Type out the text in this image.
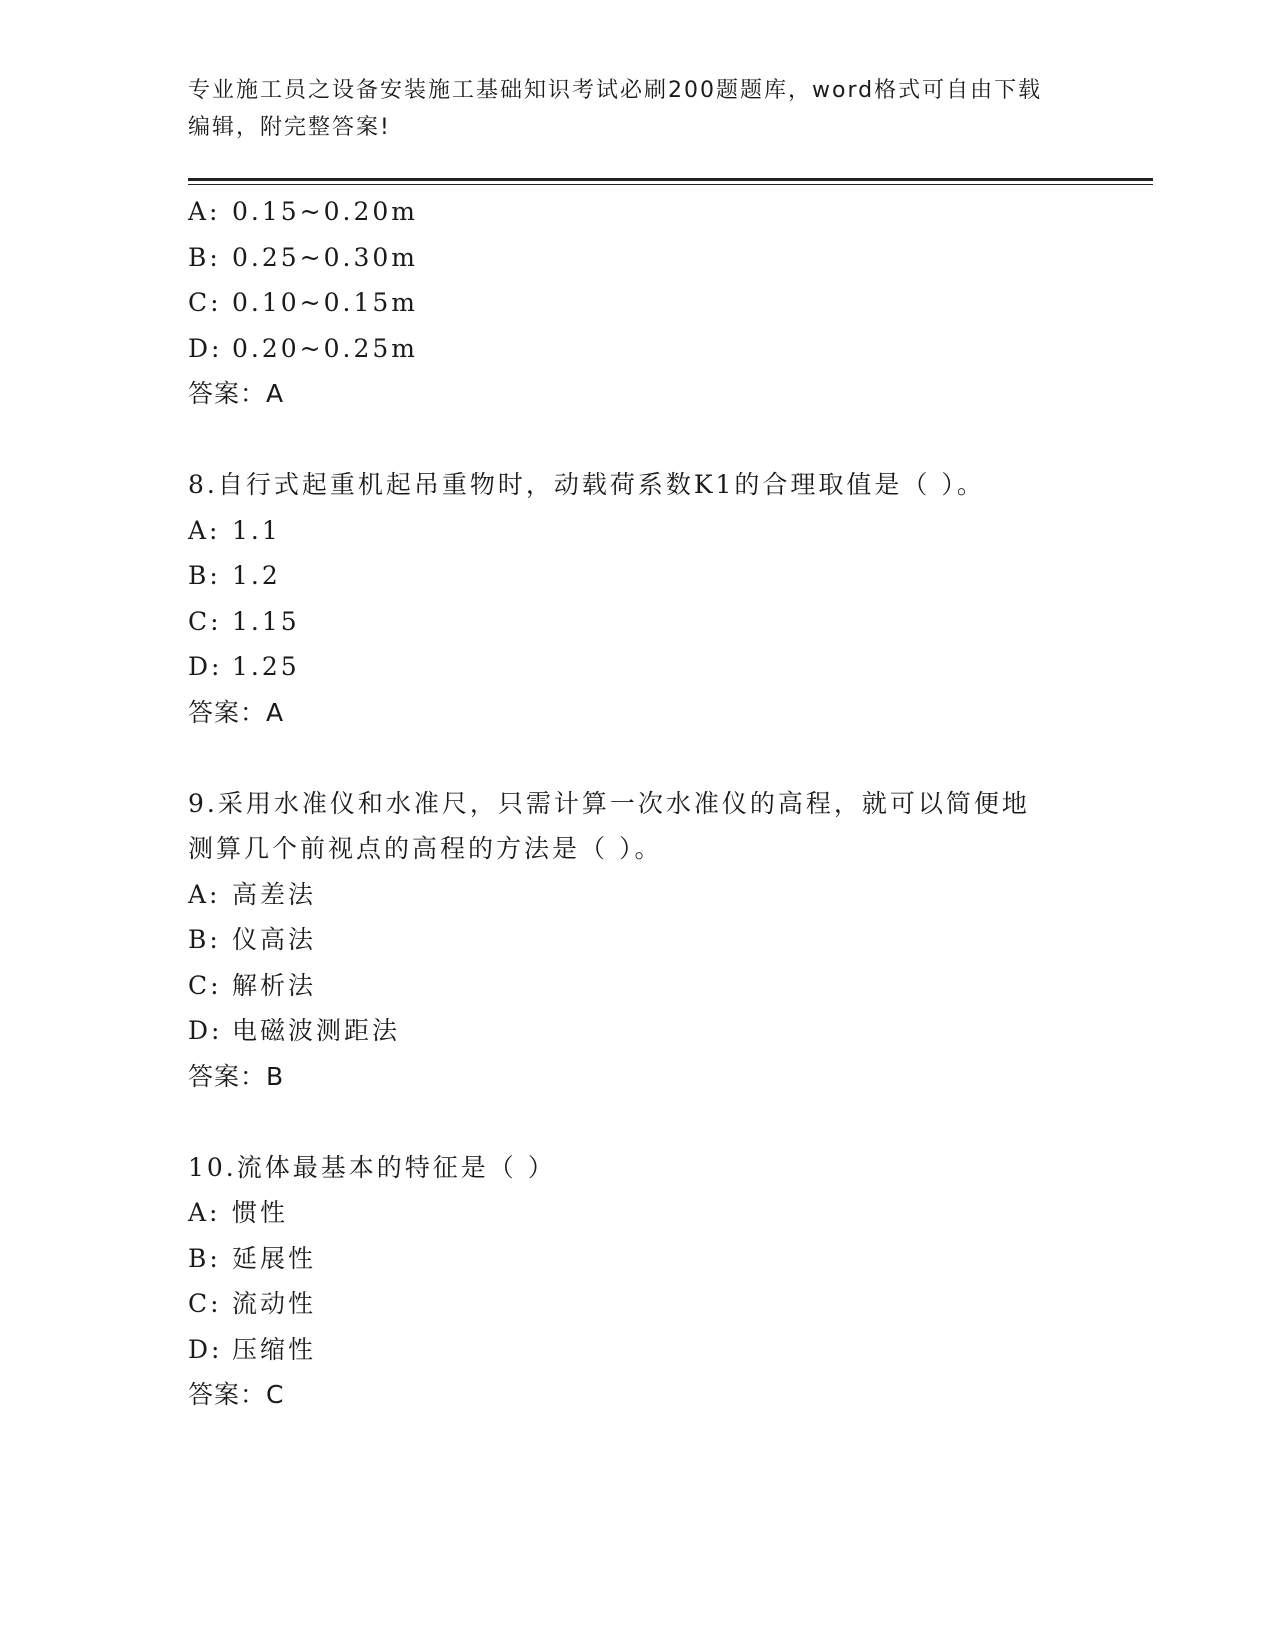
专业施工员之设备安装施工基础知识考试必刷200题题库，word格式可自由下载
编辑，附完整答案!
A: 0.15~0.20m
B: 0.25~0.30m
C: 0.10~0.15m
D: 0.20~0.25m
答案：A
8.自行式起重机起吊重物时，动载荷系数K1的合理取值是（ ）。
A: 1.1
B: 1.2
C: 1.15
D: 1.25
答案：A
9.采用水准仪和水准尺，只需计算一次水准仪的高程，就可以简便地
测算几个前视点的高程的方法是（ ）。
A: 高差法
B: 仪高法
C: 解析法
D: 电磁波测距法
答案：B
10.流体最基本的特征是（ ）
A: 惯性
B: 延展性
C: 流动性
D: 压缩性
答案：C
